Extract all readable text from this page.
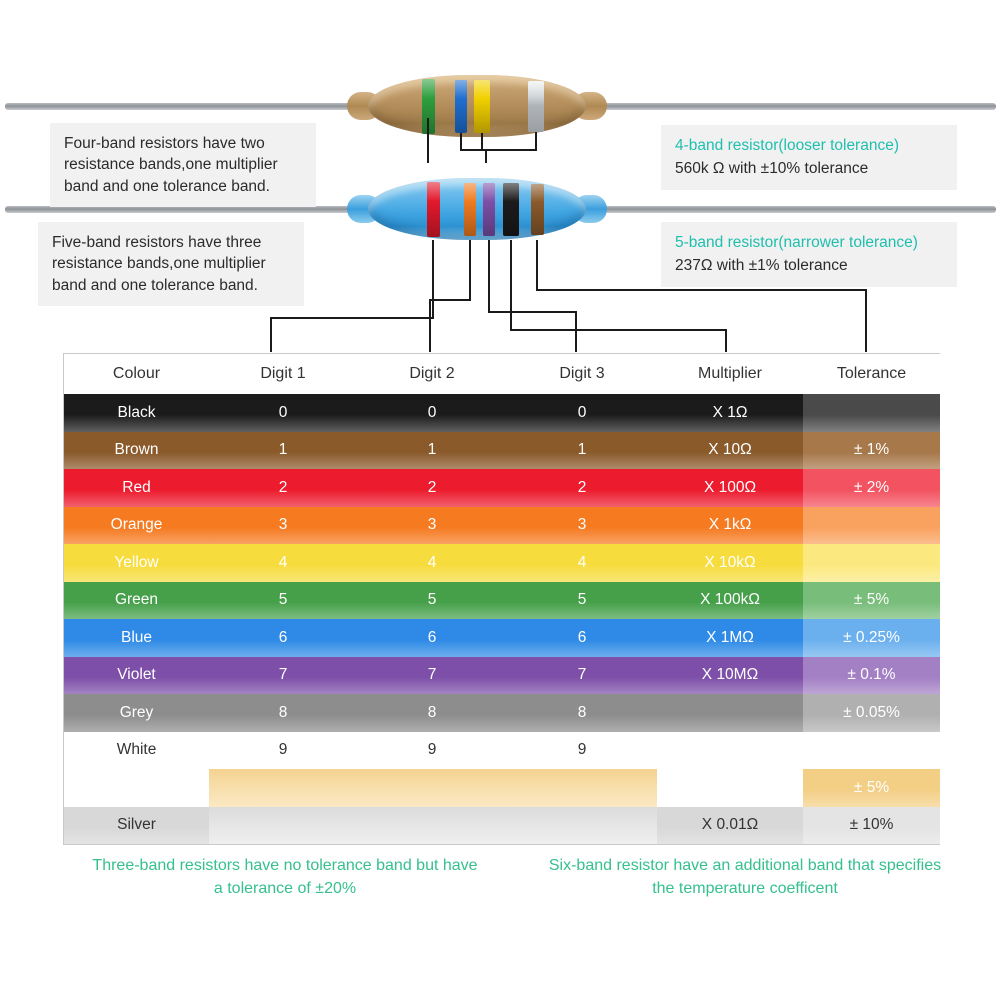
Four-band resistors have two resistance bands,one multiplier band and one tolerance band.
Five-band resistors have three resistance bands,one multiplier band and one tolerance band.
4-band resistor(looser tolerance)
560k Ω with ±10% tolerance
5-band resistor(narrower tolerance)
237Ω with ±1% tolerance
Colour	Digit 1	Digit 2	Digit 3	Multiplier	Tolerance
Black	0	0	0	X 1Ω	
Brown	1	1	1	X 10Ω	± 1%
Red	2	2	2	X 100Ω	± 2%
Orange	3	3	3	X 1kΩ	
Yellow	4	4	4	X 10kΩ	
Green	5	5	5	X 100kΩ	± 5%
Blue	6	6	6	X 1MΩ	± 0.25%
Violet	7	7	7	X 10MΩ	± 0.1%
Grey	8	8	8		± 0.05%
White	9	9	9		
Gold				X 0.1Ω	± 5%
Silver				X 0.01Ω	± 10%
Three-band resistors have no tolerance band but have a tolerance of ±20%
Six-band resistor have an additional band that specifies the temperature coefficent
